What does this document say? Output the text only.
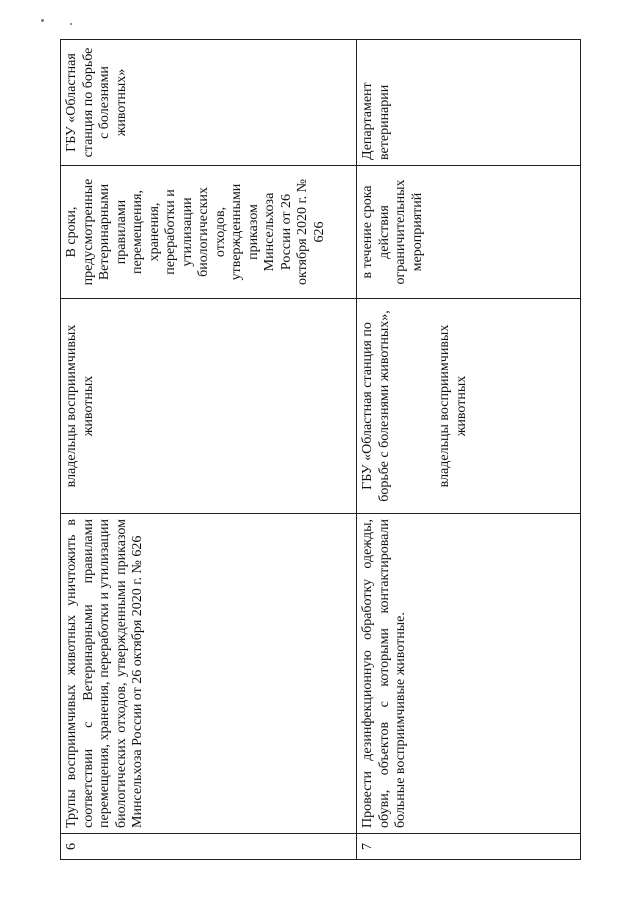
6	Трупы восприимчивых животных уничтожить в соответствии с Ветеринарными правилами перемещения, хранения, переработки и утилизации биологических отходов, утвержденными приказом Минсельхоза России от 26 октября 2020 г. № 626	владельцы восприимчивых животных	В сроки, предусмотренные Ветеринарными правилами перемещения, хранения, переработки и утилизации биологических отходов, утвержденными приказом Минсельхоза России от 26 октября 2020 г. № 626	ГБУ «Областная станция по борьбе с болезнями животных»
7	Провести дезинфекционную обработку одежды, обуви, объектов с которыми контактировали больные восприимчивые животные.	ГБУ «Областная станция по борьбе с болезнями животных», владельцы восприимчивых животных	в течение срока действия ограничительных мероприятий	Департамент ветеринарии
